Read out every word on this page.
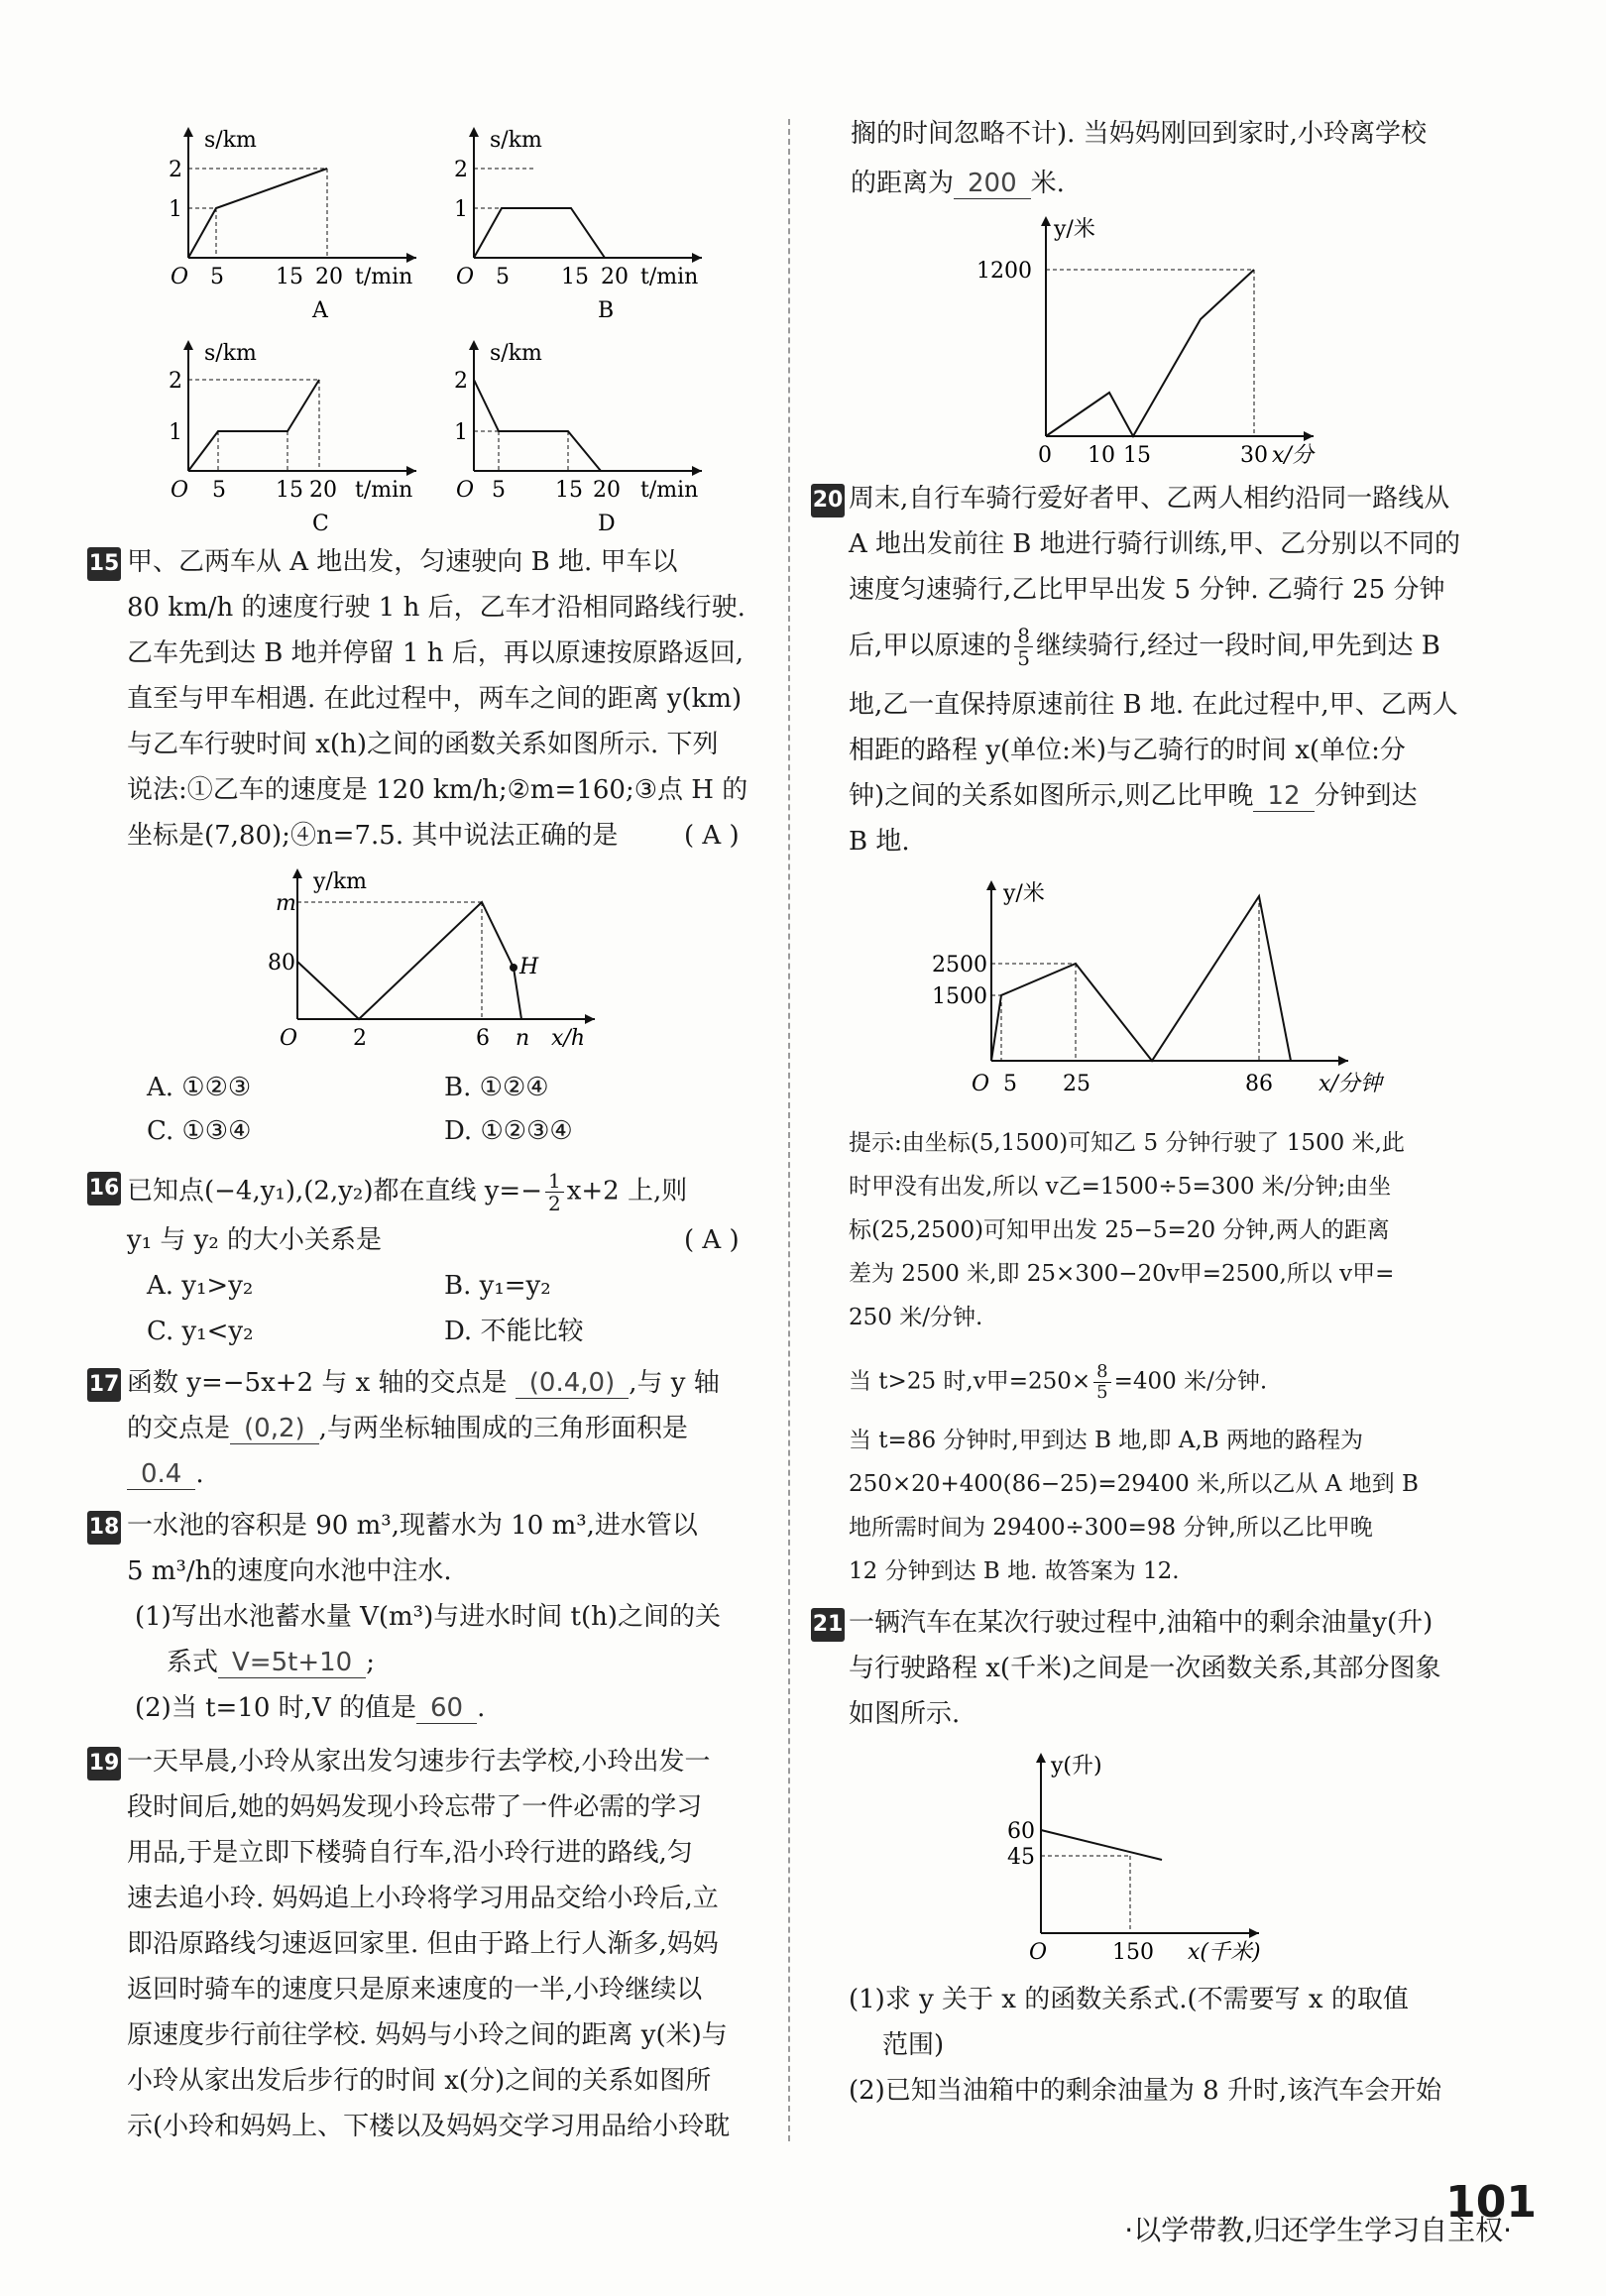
s/km
2
1
O 5 15 20 t/min
A
s/km
2
1
O 5 15 20 t/min
B
s/km
2
1
O 5 15 20 t/min
C
s/km
2
1
O 5 15 20 t/min
D
15 甲、乙两车从 A 地出发，匀速驶向 B 地. 甲车以
80 km/h 的速度行驶 1 h 后，乙车才沿相同路线行驶.
乙车先到达 B 地并停留 1 h 后，再以原速按原路返回,
直至与甲车相遇. 在此过程中，两车之间的距离 y(km)
与乙车行驶时间 x(h)之间的函数关系如图所示. 下列
说法:①乙车的速度是 120 km/h;②m=160;③点 H 的
坐标是(7,80);④n=7.5. 其中说法正确的是	( A )
y/km
m
80
O	2	6 n x/h
H
A. ①②③	B. ①②④
C. ①③④	D. ①②③④
16 已知点(−4,y₁),(2,y₂)都在直线 $y=- \frac{1}{2} x+2$ 上,则
y₁ 与 y₂ 的大小关系是	( A )
A. y₁>y₂	B. y₁=y₂
C. y₁<y₂	D. 不能比较
17 函数 y=−5x+2 与 x 轴的交点是 (0.4,0) ,与 y 轴
的交点是 (0,2) ,与两坐标轴围成的三角形面积是
0.4 .
18 一水池的容积是 90 m³,现蓄水为 10 m³,进水管以
5 m³/h的速度向水池中注水.
(1)写出水池蓄水量 V(m³)与进水时间 t(h)之间的关
系式 V=5t+10 ;
(2)当 t=10 时,V 的值是 60 .
19 一天早晨,小玲从家出发匀速步行去学校,小玲出发一
段时间后,她的妈妈发现小玲忘带了一件必需的学习
用品,于是立即下楼骑自行车,沿小玲行进的路线,匀
速去追小玲. 妈妈追上小玲将学习用品交给小玲后,立
即沿原路线匀速返回家里. 但由于路上行人渐多,妈妈
返回时骑车的速度只是原来速度的一半,小玲继续以
原速度步行前往学校. 妈妈与小玲之间的距离 y(米)与
小玲从家出发后步行的时间 x(分)之间的关系如图所
示(小玲和妈妈上、下楼以及妈妈交学习用品给小玲耽
搁的时间忽略不计). 当妈妈刚回到家时,小玲离学校
的距离为 200 米.
y/米
1200
0 10 15	30 x/分
20 周末,自行车骑行爱好者甲、乙两人相约沿同一路线从
A 地出发前往 B 地进行骑行训练,甲、乙分别以不同的
速度匀速骑行,乙比甲早出发 5 分钟. 乙骑行 25 分钟
后,甲以原速的 $\frac{8}{5}$ 继续骑行,经过一段时间,甲先到达 B
地,乙一直保持原速前往 B 地. 在此过程中,甲、乙两人
相距的路程 y(单位:米)与乙骑行的时间 x(单位:分
钟)之间的关系如图所示,则乙比甲晚 12 分钟到达
B 地.
y/米
2500
1500
O 5 25	86 x/分钟
提示:由坐标(5,1500)可知乙 5 分钟行驶了 1500 米,此
时甲没有出发,所以 v乙=1500÷5=300 米/分钟;由坐
标(25,2500)可知甲出发 25−5=20 分钟,两人的距离
差为 2500 米,即 25×300−20v甲=2500,所以 v甲=
250 米/分钟.
当 t>25 时,v甲$=250\times \frac{8}{5} =400$ 米/分钟.
当 t=86 分钟时,甲到达 B 地,即 A,B 两地的路程为
250×20+400(86−25)=29400 米,所以乙从 A 地到 B
地所需时间为 29400÷300=98 分钟,所以乙比甲晚
12 分钟到达 B 地. 故答案为 12.
21 一辆汽车在某次行驶过程中,油箱中的剩余油量y(升)
与行驶路程 x(千米)之间是一次函数关系,其部分图象
如图所示.
y(升)
60
45
O	150 x(千米)
(1)求 y 关于 x 的函数关系式.(不需要写 x 的取值
范围)
(2)已知当油箱中的剩余油量为 8 升时,该汽车会开始
·以学带教,归还学生学习自主权·
101
